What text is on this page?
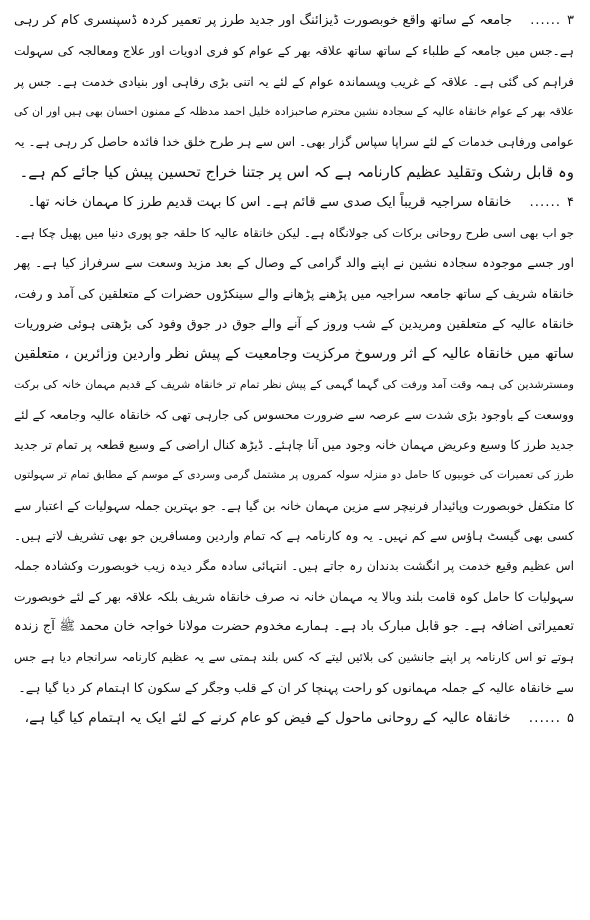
۳......جامعہ کے ساتھ واقع خوبصورت ڈیزائنگ اور جدید طرز پر تعمیر کردہ ڈسپنسری کام کر رہی
ہے۔جس میں جامعہ کے طلباء کے ساتھ ساتھ علاقہ بھر کے عوام کو فری ادویات اور علاج ومعالجہ کی سہولت
فراہم کی گئی ہے۔ علاقہ کے غریب وپسماندہ عوام کے لئے یہ اتنی بڑی رفاہی اور بنیادی خدمت ہے۔ جس پر
علاقہ بھر کے عوام خانقاہ عالیہ کے سجادہ نشین محترم صاحبزادہ خلیل احمد مدظلہ کے ممنون احسان بھی ہیں اور ان کی
عوامی ورفاہی خدمات کے لئے سراپا سپاس گزار بھی۔ اس سے ہر طرح خلق خدا فائدہ حاصل کر رہی ہے۔ یہ
وہ قابل رشک وتقلید عظیم کارنامہ ہے کہ اس پر جتنا خراج تحسین پیش کیا جائے کم ہے۔
۴......خانقاہ سراجیہ قریباً ایک صدی سے قائم ہے۔ اس کا بہت قدیم طرز کا مہمان خانہ تھا۔
جو اب بھی اسی طرح روحانی برکات کی جولانگاہ ہے۔ لیکن خانقاہ عالیہ کا حلقہ جو پوری دنیا میں پھیل چکا ہے۔
اور جسے موجودہ سجادہ نشین نے اپنے والد گرامی کے وصال کے بعد مزید وسعت سے سرفراز کیا ہے۔ پھر
خانقاہ شریف کے ساتھ جامعہ سراجیہ میں پڑھنے پڑھانے والے سینکڑوں حضرات کے متعلقین کی آمد و رفت،
خانقاہ عالیہ کے متعلقین ومریدین کے شب وروز کے آنے والے جوق در جوق وفود کی بڑھتی ہوئی ضروریات
ساتھ میں خانقاہ عالیہ کے اثر ورسوخ مرکزیت وجامعیت کے پیش نظر واردین وزائرین ، متعلقین
ومسترشدین کی ہمہ وقت آمد ورفت کی گہما گہمی کے پیش نظر تمام تر خانقاہ شریف کے قدیم مہمان خانہ کی برکت
ووسعت کے باوجود بڑی شدت سے عرصہ سے ضرورت محسوس کی جارہی تھی کہ خانقاہ عالیہ وجامعہ کے لئے
جدید طرز کا وسیع وعریض مہمان خانہ وجود میں آنا چاہئے۔ ڈیڑھ کنال اراضی کے وسیع قطعہ پر تمام تر جدید
طرز کی تعمیرات کی خوبیوں کا حامل دو منزلہ سولہ کمروں پر مشتمل گرمی وسردی کے موسم کے مطابق تمام تر سہولتوں
کا متکفل خوبصورت وپائیدار فرنیچر سے مزین مہمان خانہ بن گیا ہے۔ جو بہترین جملہ سہولیات کے اعتبار سے
کسی بھی گیسٹ ہاؤس سے کم نہیں۔ یہ وہ کارنامہ ہے کہ تمام واردین ومسافرین جو بھی تشریف لاتے ہیں۔
اس عظیم وقیع خدمت پر انگشت بدندان رہ جاتے ہیں۔ انتہائی سادہ مگر دیدہ زیب خوبصورت وکشادہ جملہ
سہولیات کا حامل کوہ قامت بلند وبالا یہ مہمان خانہ نہ صرف خانقاہ شریف بلکہ علاقہ بھر کے لئے خوبصورت
تعمیراتی اضافہ ہے۔ جو قابل مبارک باد ہے۔ ہمارے مخدوم حضرت مولانا خواجہ خان محمد ﷺ آج زندہ
ہوتے تو اس کارنامہ پر اپنے جانشین کی بلائیں لیتے کہ کس بلند ہمتی سے یہ عظیم کارنامہ سرانجام دیا ہے جس
سے خانقاہ عالیہ کے جملہ مہمانوں کو راحت پہنچا کر ان کے قلب وجگر کے سکون کا اہتمام کر دیا گیا ہے۔
۵......خانقاہ عالیہ کے روحانی ماحول کے فیض کو عام کرنے کے لئے ایک یہ اہتمام کیا گیا ہے،
